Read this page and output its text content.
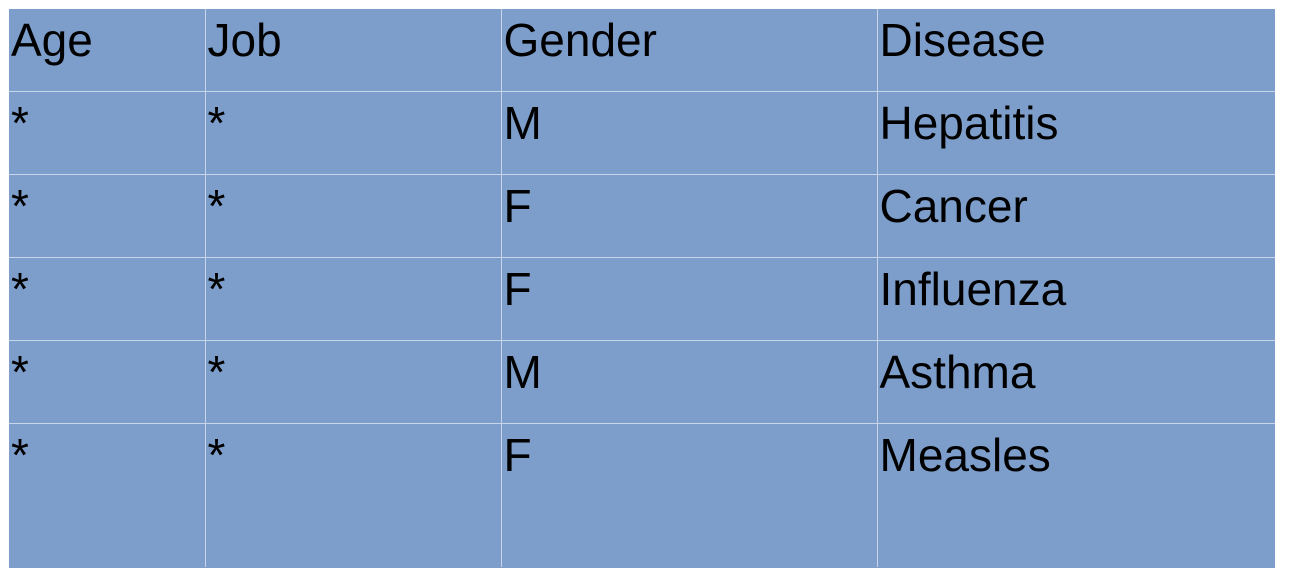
Age	Job	Gender	Disease
*	*	M	Hepatitis
*	*	F	Cancer
*	*	F	Influenza
*	*	M	Asthma
*	*	F	Measles
